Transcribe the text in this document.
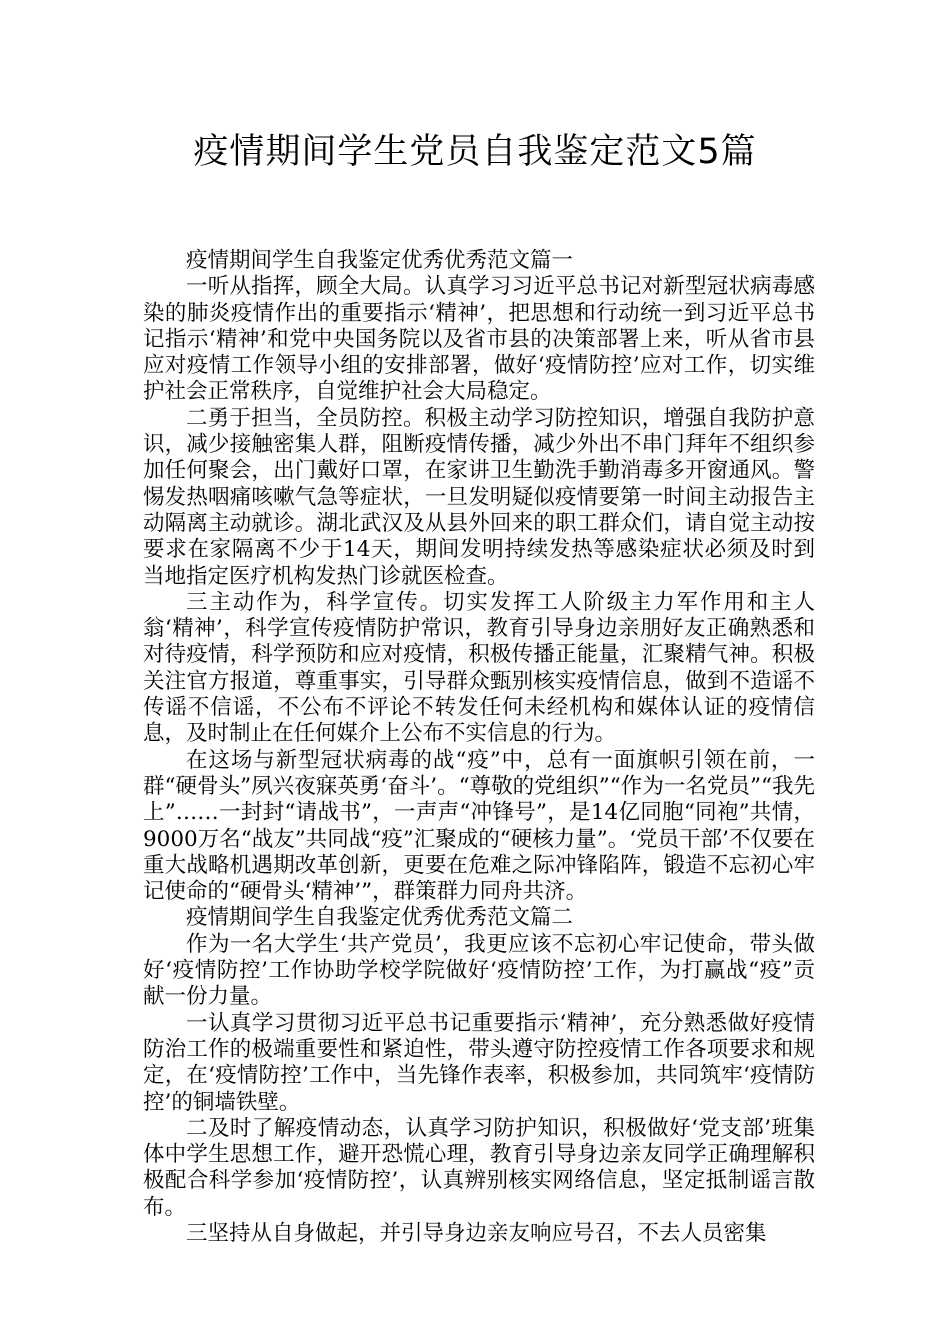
疫情期间学生党员自我鉴定范文5篇

疫情期间学生自我鉴定优秀优秀范文篇一

一听从指挥，顾全大局。认真学习习近平总书记对新型冠状病毒感染的肺炎疫情作出的重要指示‘精神’，把思想和行动统一到习近平总书记指示‘精神’和党中央国务院以及省市县的决策部署上来，听从省市县应对疫情工作领导小组的安排部署，做好‘疫情防控’应对工作，切实维护社会正常秩序，自觉维护社会大局稳定。

二勇于担当，全员防控。积极主动学习防控知识，增强自我防护意识，减少接触密集人群，阻断疫情传播，减少外出不串门拜年不组织参加任何聚会，出门戴好口罩，在家讲卫生勤洗手勤消毒多开窗通风。警惕发热咽痛咳嗽气急等症状，一旦发明疑似疫情要第一时间主动报告主动隔离主动就诊。湖北武汉及从县外回来的职工群众们，请自觉主动按要求在家隔离不少于14天，期间发明持续发热等感染症状必须及时到当地指定医疗机构发热门诊就医检查。

三主动作为，科学宣传。切实发挥工人阶级主力军作用和主人翁‘精神’，科学宣传疫情防护常识，教育引导身边亲朋好友正确熟悉和对待疫情，科学预防和应对疫情，积极传播正能量，汇聚精气神。积极关注官方报道，尊重事实，引导群众甄别核实疫情信息，做到不造谣不传谣不信谣，不公布不评论不转发任何未经机构和媒体认证的疫情信息，及时制止在任何媒介上公布不实信息的行为。

在这场与新型冠状病毒的战“疫”中，总有一面旗帜引领在前，一群“硬骨头”夙兴夜寐英勇‘奋斗’。“尊敬的党组织”“作为一名党员”“我先上”……一封封“请战书”，一声声“冲锋号”，是14亿同胞“同袍”共情，9000万名“战友”共同战“疫”汇聚成的“硬核力量”。‘党员干部’不仅要在重大战略机遇期改革创新，更要在危难之际冲锋陷阵，锻造不忘初心牢记使命的“硬骨头‘精神’”，群策群力同舟共济。

疫情期间学生自我鉴定优秀优秀范文篇二

作为一名大学生‘共产党员’，我更应该不忘初心牢记使命，带头做好‘疫情防控’工作协助学校学院做好‘疫情防控’工作，为打赢战“疫”贡献一份力量。

一认真学习贯彻习近平总书记重要指示‘精神’，充分熟悉做好疫情防治工作的极端重要性和紧迫性，带头遵守防控疫情工作各项要求和规定，在‘疫情防控’工作中，当先锋作表率，积极参加，共同筑牢‘疫情防控’的铜墙铁壁。

二及时了解疫情动态，认真学习防护知识，积极做好‘党支部’班集体中学生思想工作，避开恐慌心理，教育引导身边亲友同学正确理解积极配合科学参加‘疫情防控’，认真辨别核实网络信息，坚定抵制谣言散布。

三坚持从自身做起，并引导身边亲友响应号召，不去人员密集
